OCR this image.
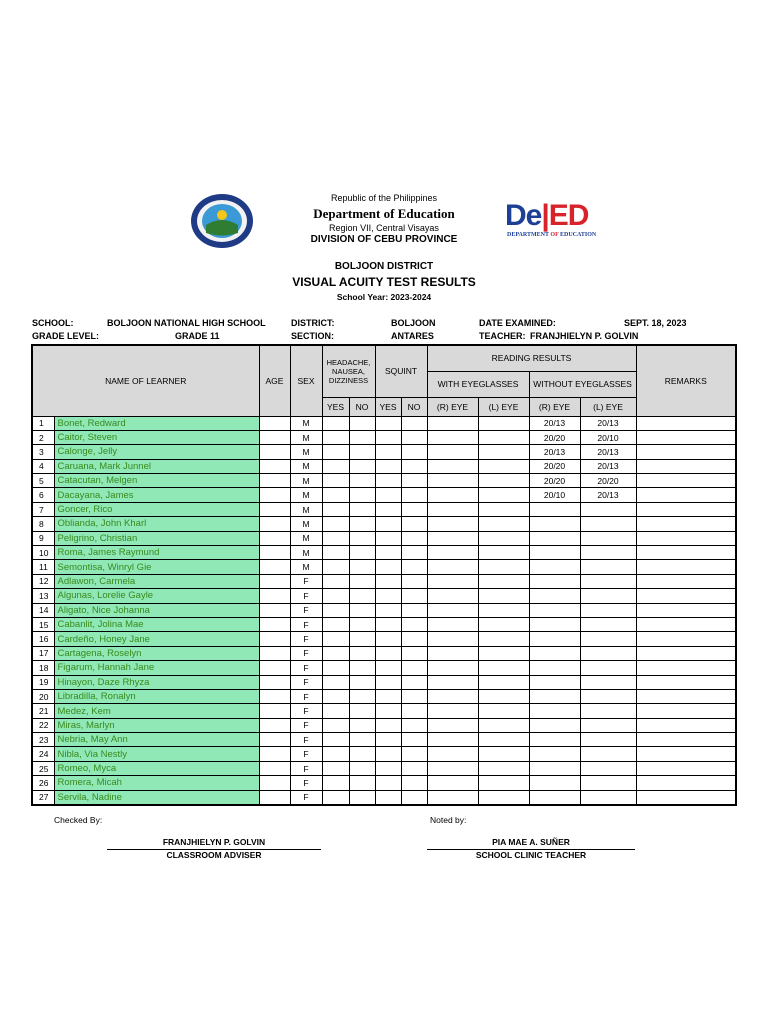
Republic of the Philippines
Department of Education
Region VII, Central Visayas
DIVISION OF CEBU PROVINCE
De|ED
DEPARTMENT OF EDUCATION
BOLJOON DISTRICT
VISUAL ACUITY TEST RESULTS
School Year: 2023-2024
SCHOOL:	BOLJOON NATIONAL HIGH SCHOOL
GRADE LEVEL:	GRADE 11
DISTRICT:	BOLJOON
SECTION:	ANTARES
DATE EXAMINED:	SEPT. 18, 2023
TEACHER: FRANJHIELYN P. GOLVIN
NAME OF LEARNER		AGE	SEX	HEADACHE,
NAUSEA,
DIZZINESS		SQUINT		READING RESULTS				REMARKS
								WITH EYEGLASSES		WITHOUT EYEGLASSES		
				YES	NO	YES	NO	(R) EYE	(L) EYE	(R) EYE	(L) EYE	
1	Bonet, Redward		M							20/13	20/13	
2	Caitor, Steven		M							20/20	20/10	
3	Calonge, Jelly		M							20/13	20/13	
4	Caruana, Mark Junnel		M							20/20	20/13	
5	Catacutan, Melgen		M							20/20	20/20	
6	Dacayana, James		M							20/10	20/13	
7	Goncer, Rico		M									
8	Oblianda, John Kharl		M									
9	Peligrino, Christian		M									
10	Roma, James Raymund		M									
11	Semontisa, Winryl Gie		M									
12	Adlawon, Carmela		F									
13	Algunas, Lorelie Gayle		F									
14	Aligato, Nice Johanna		F									
15	Cabanlit, Jolina Mae		F									
16	Cardeño, Honey Jane		F									
17	Cartagena, Roselyn		F									
18	Figarum, Hannah Jane		F									
19	Hinayon, Daze Rhyza		F									
20	Libradilla, Ronalyn		F									
21	Medez, Kem		F									
22	Miras, Marlyn		F									
23	Nebria, May Ann		F									
24	Nibla, Via Nestly		F									
25	Romeo, Myca		F									
26	Romera, Micah		F									
27	Servila, Nadine		F									
Checked By:	Noted by:
FRANJHIELYN P. GOLVIN
CLASSROOM ADVISER
PIA MAE A. SUÑER
SCHOOL CLINIC TEACHER
